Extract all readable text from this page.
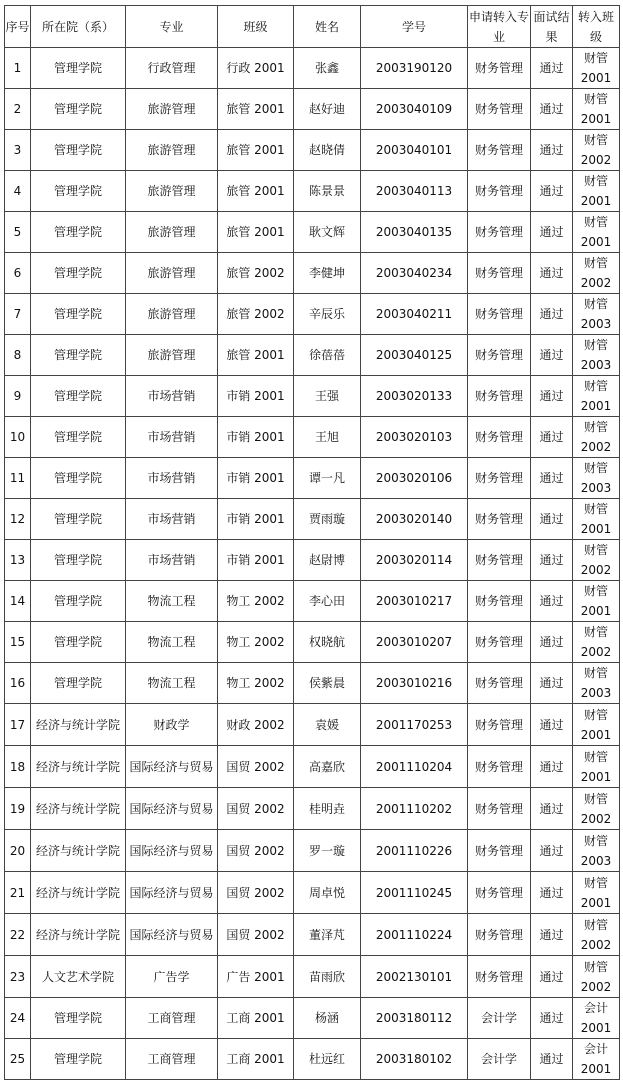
序号	所在院（系）	专业	班级	姓名	学号	申请转入专业	面试结果	转入班级
1	管理学院	行政管理	行政 2001	张鑫	2003190120	财务管理	通过	财管 2001
2	管理学院	旅游管理	旅管 2001	赵好迪	2003040109	财务管理	通过	财管 2001
3	管理学院	旅游管理	旅管 2001	赵晓倩	2003040101	财务管理	通过	财管 2002
4	管理学院	旅游管理	旅管 2001	陈景景	2003040113	财务管理	通过	财管 2001
5	管理学院	旅游管理	旅管 2001	耿文辉	2003040135	财务管理	通过	财管 2001
6	管理学院	旅游管理	旅管 2002	李健坤	2003040234	财务管理	通过	财管 2002
7	管理学院	旅游管理	旅管 2002	辛辰乐	2003040211	财务管理	通过	财管 2003
8	管理学院	旅游管理	旅管 2001	徐蓓蓓	2003040125	财务管理	通过	财管 2003
9	管理学院	市场营销	市销 2001	王强	2003020133	财务管理	通过	财管 2001
10	管理学院	市场营销	市销 2001	王旭	2003020103	财务管理	通过	财管 2002
11	管理学院	市场营销	市销 2001	谭一凡	2003020106	财务管理	通过	财管 2003
12	管理学院	市场营销	市销 2001	贾雨璇	2003020140	财务管理	通过	财管 2001
13	管理学院	市场营销	市销 2001	赵尉博	2003020114	财务管理	通过	财管 2002
14	管理学院	物流工程	物工 2002	李心田	2003010217	财务管理	通过	财管 2001
15	管理学院	物流工程	物工 2002	权晓航	2003010207	财务管理	通过	财管 2002
16	管理学院	物流工程	物工 2002	侯紫晨	2003010216	财务管理	通过	财管 2003
17	经济与统计学院	财政学	财政 2002	袁媛	2001170253	财务管理	通过	财管 2001
18	经济与统计学院	国际经济与贸易	国贸 2002	高嘉欣	2001110204	财务管理	通过	财管 2001
19	经济与统计学院	国际经济与贸易	国贸 2002	桂明垚	2001110202	财务管理	通过	财管 2002
20	经济与统计学院	国际经济与贸易	国贸 2002	罗一璇	2001110226	财务管理	通过	财管 2003
21	经济与统计学院	国际经济与贸易	国贸 2002	周卓悦	2001110245	财务管理	通过	财管 2001
22	经济与统计学院	国际经济与贸易	国贸 2002	董泽芃	2001110224	财务管理	通过	财管 2002
23	人文艺术学院	广告学	广告 2001	苗雨欣	2002130101	财务管理	通过	财管 2002
24	管理学院	工商管理	工商 2001	杨涵	2003180112	会计学	通过	会计 2001
25	管理学院	工商管理	工商 2001	杜远红	2003180102	会计学	通过	会计 2001
